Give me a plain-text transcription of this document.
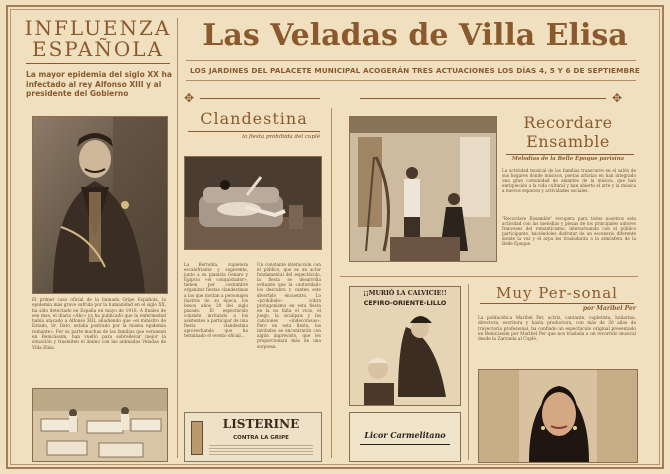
INFLUENZA
ESPAÑOLA
La mayor epidemia del siglo XX ha infectado al rey Alfonso XIII y al presidente del Gobierno
El primer caso oficial de la llamada Gripe Española, la epidemia más grave sufrida por la humanidad en el siglo XX, ha sido detectado en España en mayo de 1918. A finales de ese mes, el diario «Abc» ya ha publicado que la enfermedad había atacado a Alfonso XIII, añadiendo que «el ministro de Estado, Sr. Dato, estaba postrado por la misma epidemia reinante». Por su parte muchas de las familias que veranean en Benicàssim, han vuelto para sobrellevar mejor la situación y trasmiten el ánimo con las animadas Veladas de Villa Elisa.
Las Veladas de Villa Elisa
LOS JARDINES DEL PALACETE MUNICIPAL ACOGERÁN TRES ACTUACIONES LOS DÍAS 4, 5 Y 6 DE SEPTIEMBRE
✥	✥
Clandestina
la fiesta prohibida del cuplé
La Bertolita, cupletera escalofriante y sugerente, junto a su pianista Genaro y Egipcio «el conquistador», tienen por costumbre organizar fiestas clandestinas a las que invitan a personajes ilustres de su época, los besos años 20 del siglo pasado. El espectáculo consiste invitando a los asistentes a participar de una fiesta clandestina aprovechando que ha terminado el evento oficial...
Un constante interacción con el público, que es un actor fundamental del espectáculo, la fiesta se desarrolla evitando que la «autoridad» los descubra y canten este divertido encuentro. Lo «prohibido» cobra protagonismo en esta fiesta en la no falta el vicio, el juego, la sicalipsis y las canciones «indecorosas». Pero en esta fiesta, los invitados se encontrarán con algún imprevisto, que les proporcionará más de una sorpresa.
LISTERINE
CONTRA LA GRIPE
Recordare
Ensamble
Melodías de la Belle Époque parisina
La actividad musical de las familias transcurre en el salón de sus hogares donde músicos, poetas artistas en han integrado una gran comunidad de amantes de la música, que han enriquecido a la vida cultural y han abierto el arte y la música a nuevos espacios y actividades sociales.
"Recordare Ensamble" recupera para todos nosotros esta actividad con las melodías y piezas de los principales autores franceses del romanticismo, interactuando con el público participante, haciéndoles disfrutar de un escenario diferente donde la voz y el arpa les trasladarán a la atmósfera de la Belle Époque.
¡¡MURIÓ LA CALVICIE!!
CEFIRO-ORIENTE-LILLO
Licor Carmelitano
Muy Per-sonal
por Maribel Per
La polifacética Maribel Per, actriz, cantante, cupletista, bailarina, directora, escritora y hasta productora, con más de 30 años de trayectoria profesional, ha confiado un espectáculo original presentado en Benicàssim por Maribel Per que nos traslada a un recorrido musical desde la Zarzuela al Cuplé.
